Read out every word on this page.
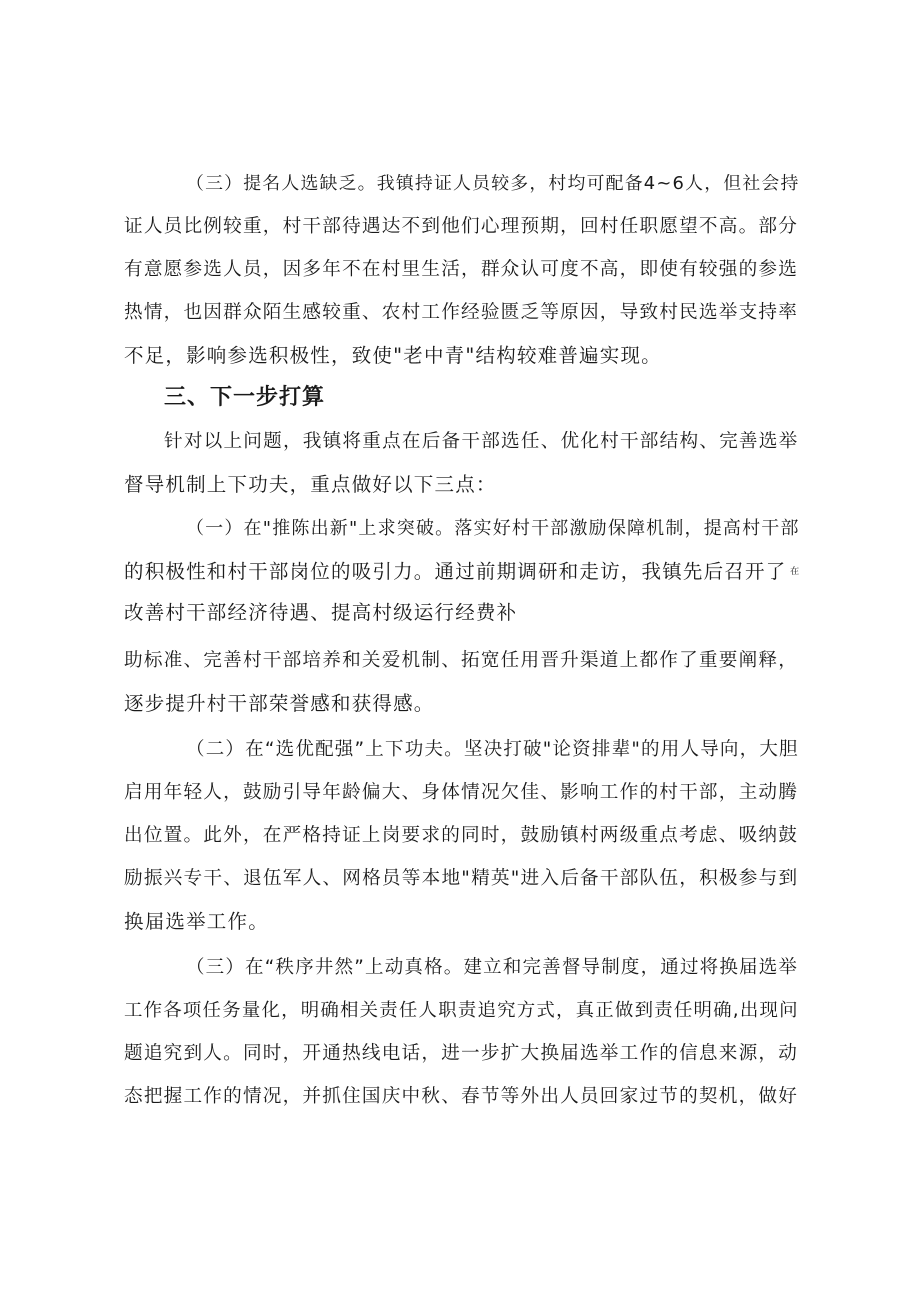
（三）提名人选缺乏。我镇持证人员较多，村均可配备4~6人，但社会持
证人员比例较重，村干部待遇达不到他们心理预期，回村任职愿望不高。部分
有意愿参选人员，因多年不在村里生活，群众认可度不高，即使有较强的参选
热情，也因群众陌生感较重、农村工作经验匮乏等原因，导致村民选举支持率
不足，影响参选积极性，致使"老中青"结构较难普遍实现。
三、下一步打算
针对以上问题，我镇将重点在后备干部选任、优化村干部结构、完善选举
督导机制上下功夫，重点做好以下三点：
（一）在"推陈出新"上求突破。落实好村干部激励保障机制，提高村干部
的积极性和村干部岗位的吸引力。通过前期调研和走访，我镇先后召开了 在
改善村干部经济待遇、提高村级运行经费补
助标准、完善村干部培养和关爱机制、拓宽任用晋升渠道上都作了重要阐释，
逐步提升村干部荣誉感和获得感。
（二）在“选优配强”上下功夫。坚决打破"论资排辈"的用人导向，大胆
启用年轻人，鼓励引导年龄偏大、身体情况欠佳、影响工作的村干部，主动腾
出位置。此外，在严格持证上岗要求的同时，鼓励镇村两级重点考虑、吸纳鼓
励振兴专干、退伍军人、网格员等本地"精英"进入后备干部队伍，积极参与到
换届选举工作。
（三）在“秩序井然”上动真格。建立和完善督导制度，通过将换届选举
工作各项任务量化，明确相关责任人职责追究方式，真正做到责任明确,出现问
题追究到人。同时，开通热线电话，进一步扩大换届选举工作的信息来源，动
态把握工作的情况，并抓住国庆中秋、春节等外出人员回家过节的契机，做好
